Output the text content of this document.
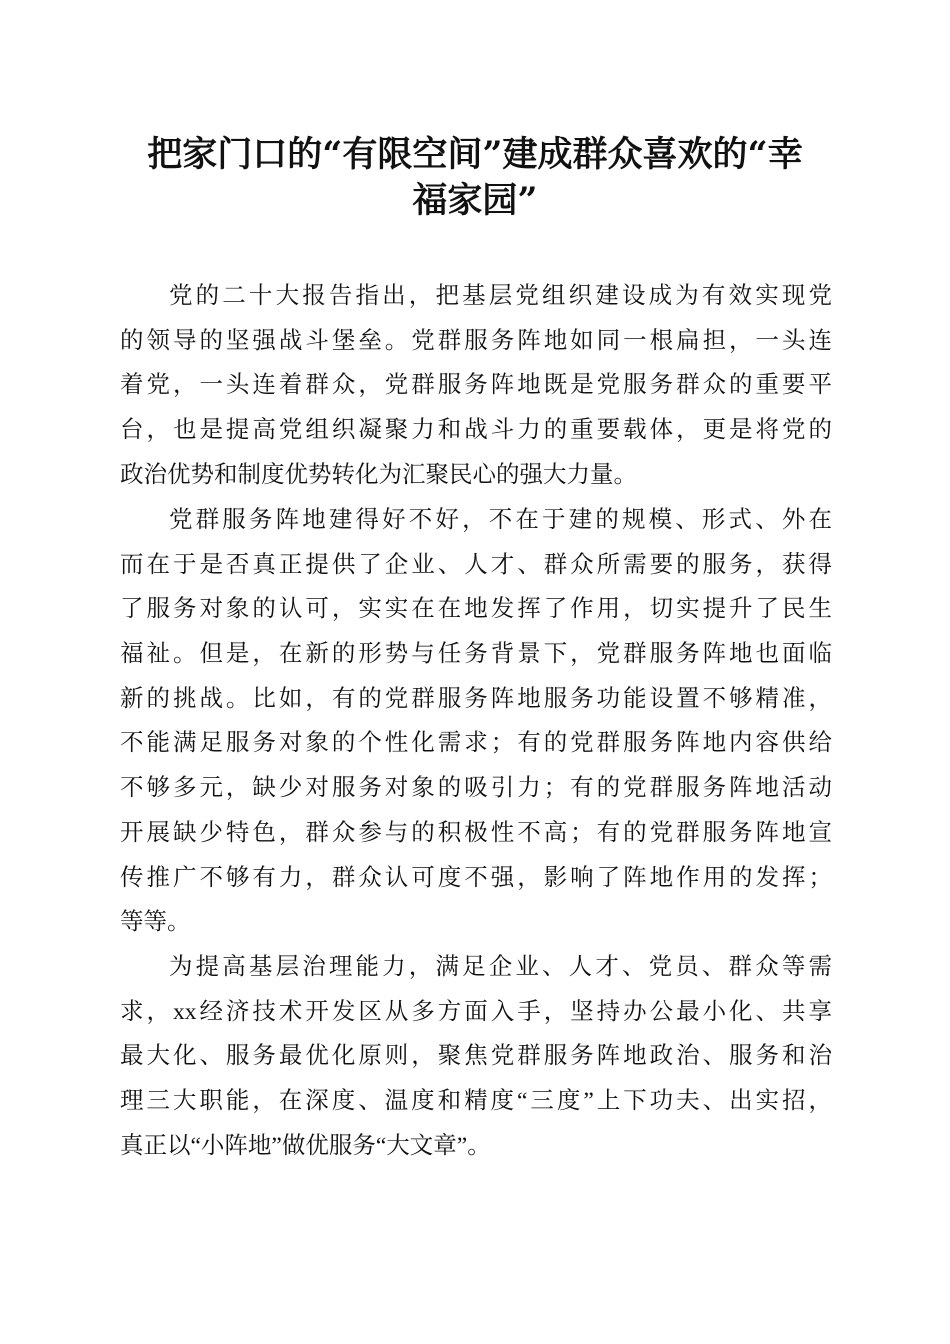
把家门口的“有限空间”建成群众喜欢的“幸
福家园”
党的二十大报告指出，把基层党组织建设成为有效实现党
的领导的坚强战斗堡垒。党群服务阵地如同一根扁担，一头连
着党，一头连着群众，党群服务阵地既是党服务群众的重要平
台，也是提高党组织凝聚力和战斗力的重要载体，更是将党的
政治优势和制度优势转化为汇聚民心的强大力量。
党群服务阵地建得好不好，不在于建的规模、形式、外在
而在于是否真正提供了企业、人才、群众所需要的服务，获得
了服务对象的认可，实实在在地发挥了作用，切实提升了民生
福祉。但是，在新的形势与任务背景下，党群服务阵地也面临
新的挑战。比如，有的党群服务阵地服务功能设置不够精准，
不能满足服务对象的个性化需求；有的党群服务阵地内容供给
不够多元，缺少对服务对象的吸引力；有的党群服务阵地活动
开展缺少特色，群众参与的积极性不高；有的党群服务阵地宣
传推广不够有力，群众认可度不强，影响了阵地作用的发挥；
等等。
为提高基层治理能力，满足企业、人才、党员、群众等需
求，xx经济技术开发区从多方面入手，坚持办公最小化、共享
最大化、服务最优化原则，聚焦党群服务阵地政治、服务和治
理三大职能，在深度、温度和精度“三度”上下功夫、出实招，
真正以“小阵地”做优服务“大文章”。
